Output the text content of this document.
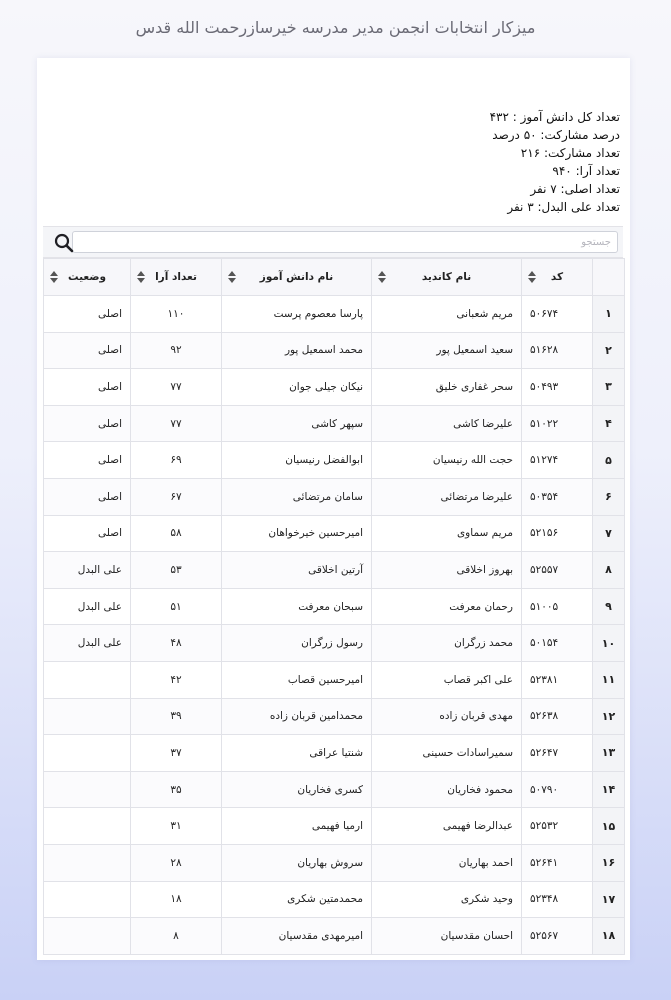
میزکار انتخابات انجمن مدیر مدرسه خیرسازرحمت الله قدس
تعداد کل دانش آموز : ۴۳۲
درصد مشارکت: ۵۰ درصد
تعداد مشارکت: ۲۱۶
تعداد آرا: ۹۴۰
تعداد اصلی: ۷ نفر
تعداد علی البدل: ۳ نفر
جستجو
	کد	نام کاندید	نام دانش آموز	تعداد آرا	وضعیت

۱	۵۰۶۷۴	مریم شعبانی	پارسا معصوم پرست	۱۱۰	اصلی
۲	۵۱۶۲۸	سعید اسمعیل پور	محمد اسمعیل پور	۹۲	اصلی
۳	۵۰۴۹۳	سحر غفاری خلیق	نیکان جیلی جوان	۷۷	اصلی
۴	۵۱۰۲۲	علیرضا کاشی	سپهر کاشی	۷۷	اصلی
۵	۵۱۲۷۴	حجت الله رنیسیان	ابوالفضل رنیسیان	۶۹	اصلی
۶	۵۰۳۵۴	علیرضا مرتضائی	سامان مرتضائی	۶۷	اصلی
۷	۵۲۱۵۶	مریم سماوی	امیرحسین خیرخواهان	۵۸	اصلی
۸	۵۲۵۵۷	بهروز اخلاقی	آرتین اخلاقی	۵۳	علی البدل
۹	۵۱۰۰۵	رحمان معرفت	سبحان معرفت	۵۱	علی البدل
۱۰	۵۰۱۵۴	محمد زرگران	رسول زرگران	۴۸	علی البدل
۱۱	۵۲۳۸۱	علی اکبر قصاب	امیرحسین قصاب	۴۲	
۱۲	۵۲۶۳۸	مهدی قربان زاده	محمدامین قربان زاده	۳۹	
۱۳	۵۲۶۴۷	سمیراسادات حسینی	شنتیا عراقی	۳۷	
۱۴	۵۰۷۹۰	محمود فخاریان	کسری فخاریان	۳۵	
۱۵	۵۲۵۳۲	عبدالرضا فهیمی	ارمیا فهیمی	۳۱	
۱۶	۵۲۶۴۱	احمد بهاریان	سروش بهاریان	۲۸	
۱۷	۵۲۳۴۸	وحید شکری	محمدمتین شکری	۱۸	
۱۸	۵۲۵۶۷	احسان مقدسیان	امیرمهدی مقدسیان	۸	
